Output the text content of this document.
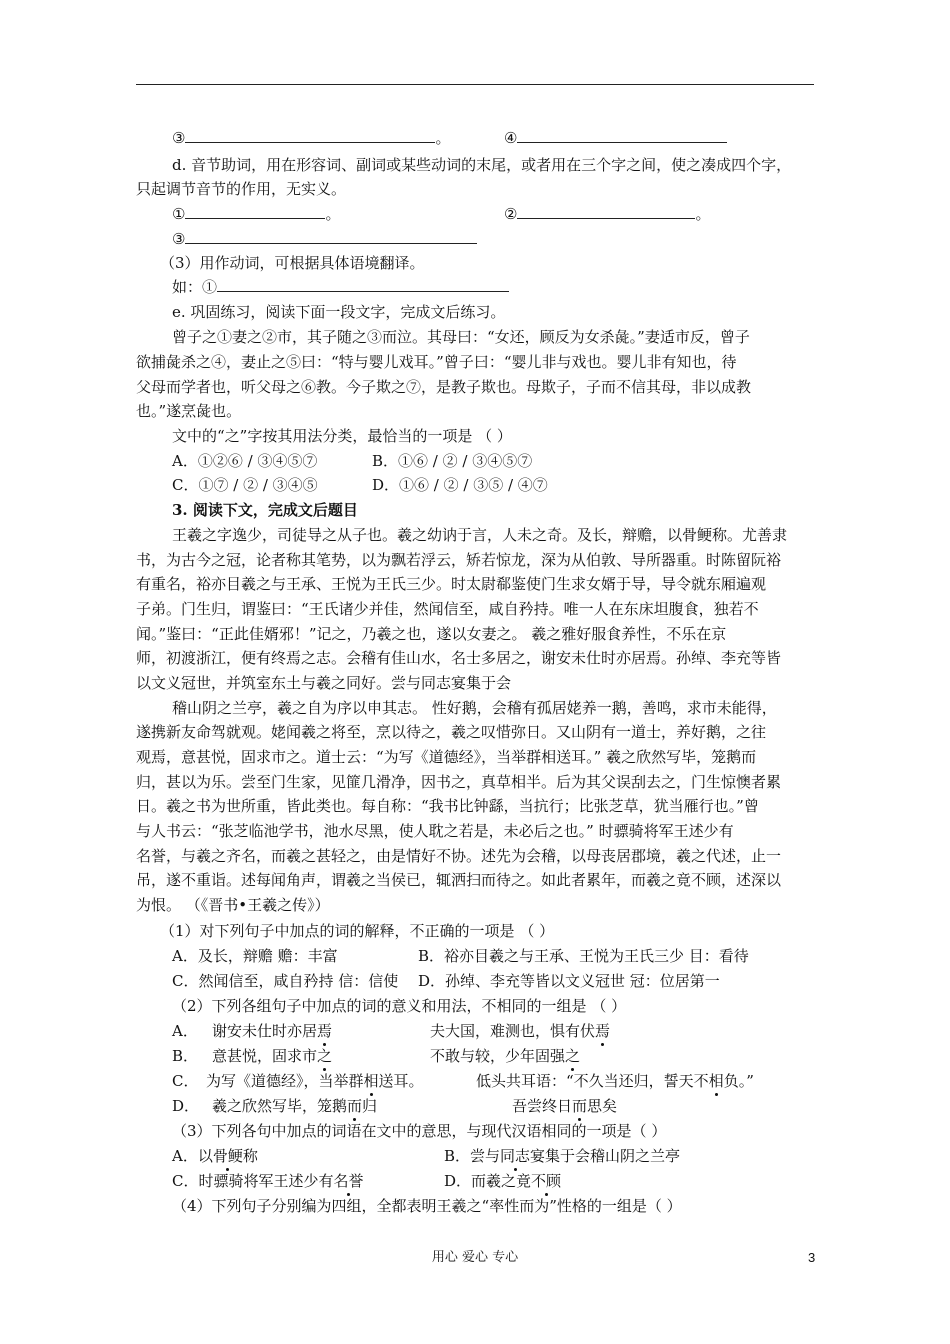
③	。	④
d. 音节助词，用在形容词、副词或某些动词的末尾，或者用在三个字之间，使之凑成四个字，
只起调节音节的作用，无实义。
①	。	②	。
③
（3）用作动词，可根据具体语境翻译。
如：①
e. 巩固练习，阅读下面一段文字，完成文后练习。
曾子之①妻之②市，其子随之③而泣。其母曰：“女还，顾反为女杀彘。”妻适市反，曾子
欲捕彘杀之④，妻止之⑤曰：“特与婴儿戏耳。”曾子曰：“婴儿非与戏也。婴儿非有知也，待
父母而学者也，听父母之⑥教。今子欺之⑦，是教子欺也。母欺子，子而不信其母，非以成教
也。”遂烹彘也。
文中的“之”字按其用法分类，最恰当的一项是 （ ）
A．①②⑥ / ③④⑤⑦	B．①⑥ / ② / ③④⑤⑦
C．①⑦ / ② / ③④⑤	D．①⑥ / ② / ③⑤ / ④⑦
3. 阅读下文，完成文后题目
王羲之字逸少，司徒导之从子也。羲之幼讷于言，人未之奇。及长，辩赡，以骨鲠称。尤善隶
书，为古今之冠，论者称其笔势，以为飘若浮云，矫若惊龙，深为从伯敦、导所器重。时陈留阮裕
有重名，裕亦目羲之与王承、王悦为王氏三少。时太尉郗鉴使门生求女婿于导，导令就东厢遍观
子弟。门生归，谓鉴曰：“王氏诸少并佳，然闻信至，咸自矜持。唯一人在东床坦腹食，独若不
闻。”鉴曰：“正此佳婿邪！”记之，乃羲之也，遂以女妻之。 羲之雅好服食养性，不乐在京
师，初渡浙江，便有终焉之志。会稽有佳山水，名士多居之，谢安未仕时亦居焉。孙绰、李充等皆
以文义冠世，并筑室东土与羲之同好。尝与同志宴集于会
稽山阴之兰亭，羲之自为序以申其志。 性好鹅，会稽有孤居姥养一鹅，善鸣，求市未能得，
遂携新友命驾就观。姥闻羲之将至，烹以待之，羲之叹惜弥日。又山阴有一道士，养好鹅，之往
观焉，意甚悦，固求市之。道士云：“为写《道德经》，当举群相送耳。” 羲之欣然写毕，笼鹅而
归，甚以为乐。尝至门生家，见篚几滑净，因书之，真草相半。后为其父误刮去之，门生惊懊者累
日。羲之书为世所重，皆此类也。每自称：“我书比钟繇，当抗行；比张芝草，犹当雁行也。”曾
与人书云：“张芝临池学书，池水尽黑，使人耽之若是，未必后之也。” 时骠骑将军王述少有
名誉，与羲之齐名，而羲之甚轻之，由是情好不协。述先为会稽，以母丧居郡境，羲之代述，止一
吊，遂不重诣。述每闻角声，谓羲之当侯已，辄洒扫而待之。如此者累年，而羲之竟不顾，述深以
为恨。 （《晋书•王羲之传》）
（1）对下列句子中加点的词的解释，不正确的一项是 （ ）
A．及长，辩赡 赡：丰富	B．裕亦目羲之与王承、王悦为王氏三少 目：看待
C．然闻信至，咸自矜持 信：信使 D．孙绰、李充等皆以文义冠世 冠：位居第一
（2）下列各组句子中加点的词的意义和用法，不相同的一组是 （ ）
A． 谢安未仕时亦居焉	夫大国，难测也，惧有伏焉
B． 意甚悦，固求市之	不敢与较，少年固强之
C． 为写《道德经》，当举群相送耳。	低头共耳语：“不久当还归，誓天不相负。”
D． 羲之欣然写毕，笼鹅而归	吾尝终日而思矣
（3）下列各句中加点的词语在文中的意思，与现代汉语相同的一项是（ ）
A．以骨鲠称	B．尝与同志宴集于会稽山阴之兰亭
C．时骠骑将军王述少有名誉	D．而羲之竟不顾
（4）下列句子分别编为四组，全都表明王羲之“率性而为”性格的一组是（ ）
用心 爱心 专心	3
